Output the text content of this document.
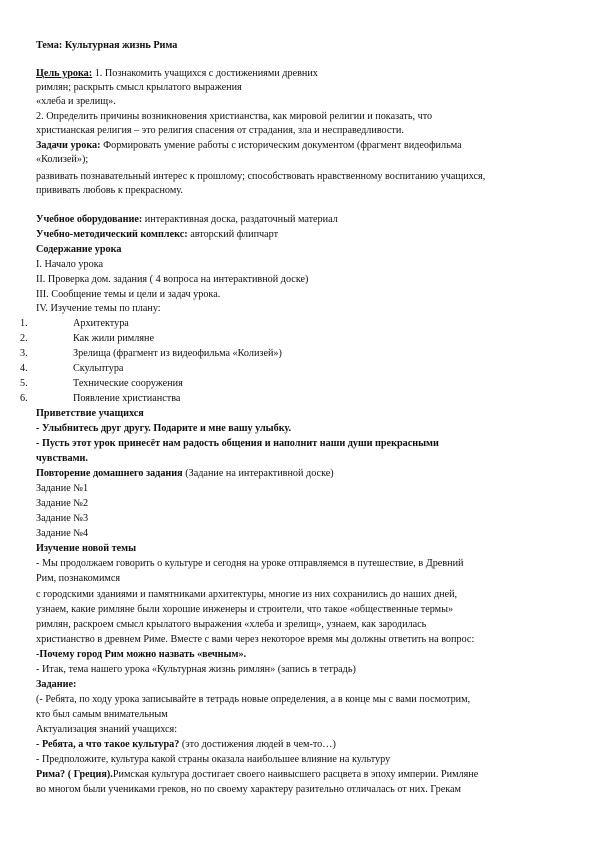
Тема: Культурная жизнь Рима
Цель урока: 1. Познакомить учащихся с достижениями древних
римлян; раскрыть смысл крылатого выражения
«хлеба и зрелищ».
2. Определить причины возникновения христианства, как мировой религии и показать, что
христианская религия – это религия спасения от страдания, зла и несправедливости.
Задачи урока: Формировать умение работы с историческим документом (фрагмент видеофильма
«Колизей»);
развивать познавательный интерес к прошлому; способствовать нравственному воспитанию учащихся,
прививать любовь к прекрасному.
Учебное оборудование: интерактивная доска, раздаточный материал
Учебно-методический комплекс: авторский флипчарт
Содержание урока
I. Начало урока
II. Проверка дом. задания ( 4 вопроса на интерактивной доске)
III. Сообщение темы и цели и задач урока.
IV. Изучение темы по плану:
1.	Архитектура
2.	Как жили римляне
3.	Зрелища (фрагмент из видеофильма «Колизей»)
4.	Скульптура
5.	Технические сооружения
6.	Появление христианства
Приветствие учащихся
- Улыбнитесь друг другу. Подарите и мне вашу улыбку.
- Пусть этот урок принесёт нам радость общения и наполнит наши души прекрасными
чувствами.
Повторение домашнего задания (Задание на интерактивной доске)
Задание №1
Задание №2
Задание №3
Задание №4
Изучение новой темы
- Мы продолжаем говорить о культуре и сегодня на уроке отправляемся в путешествие, в Древний
Рим, познакомимся
с городскими зданиями и памятниками архитектуры, многие из них сохранились до наших дней,
узнаем, какие римляне были хорошие инженеры и строители, что такое «общественные термы»
римлян, раскроем смысл крылатого выражения «хлеба и зрелищ», узнаем, как зародилась
христианство в древнем Риме. Вместе с вами через некоторое время мы должны ответить на вопрос:
-Почему город Рим можно назвать «вечным».
- Итак, тема нашего урока «Культурная жизнь римлян» (запись в тетрадь)
Задание:
(- Ребята, по ходу урока записывайте в тетрадь новые определения, а в конце мы с вами посмотрим,
кто был самым внимательным
Актуализация знаний учащихся:
- Ребята, а что такое культура? (это достижения людей в чем-то…)
- Предположите, культура какой страны оказала наибольшее влияние на культуру
Рима? ( Греция).Римская культура достигает своего наивысшего расцвета в эпоху империи. Римляне
во многом были учениками греков, но по своему характеру разительно отличалась от них. Грекам
